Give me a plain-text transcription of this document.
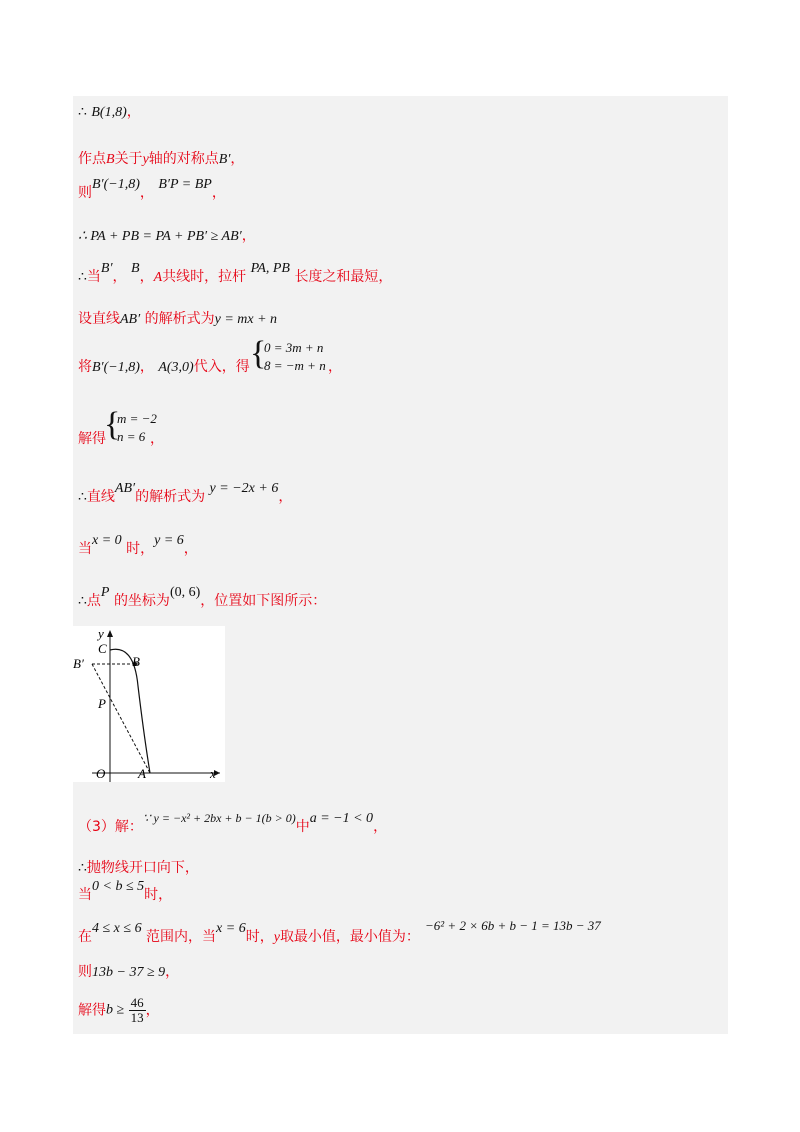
∴ B(1,8)，
作点B关于y轴的对称点B′，
则B′(−1,8)， B′P = BP，
∴ PA + PB = PA + PB′ ≥ AB′，
∴当B′， B，A共线时，拉杆 PA, PB 长度之和最短，
设直线AB′ 的解析式为y = mx + n
将B′(−1,8)， A(3,0)代入，得 {
0 = 3m + n
8 = −m + n ，
解得
{
m = −2
n = 6 ，
∴直线AB′的解析式为 y = −2x + 6，
当x = 0 时，y = 6，
∴点P 的坐标为(0, 6)，位置如下图所示：
y
x
O	A
B
B′
C
P
（3）解：∵ y = −x² + 2bx + b − 1(b > 0)中a = −1 < 0，
∴抛物线开口向下，
当0 < b ≤ 5时，
在4 ≤ x ≤ 6 范围内，当x = 6时，y取最小值，最小值为：
−6² + 2 × 6b + b − 1 = 13b − 37
则13b − 37 ≥ 9，
解得$b \ge \frac{46}{13}$ ，
